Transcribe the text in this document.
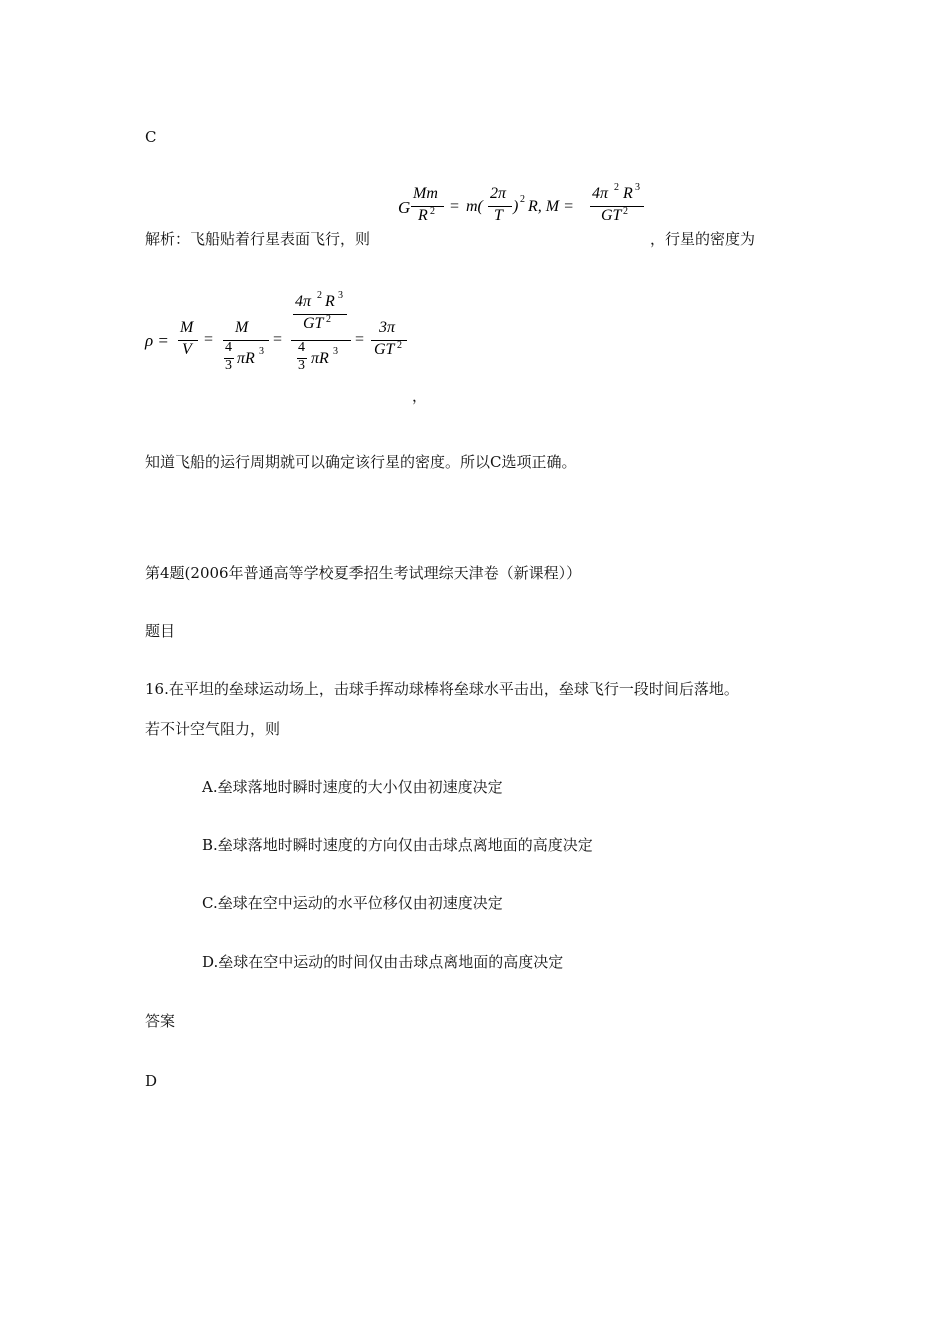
C
解析：飞船贴着行星表面飞行，则
G
Mm
R 2 = m(
2π
T
) 2 R, M =
4π 2 R 3
GT 2
，行星的密度为
ρ =
M
V
=
M
4
3 πR 3
=
4π 2 R 3
GT 2
4
3 πR 3
=
3π
GT 2
，
知道飞船的运行周期就可以确定该行星的密度。所以C选项正确。
第4题(2006年普通高等学校夏季招生考试理综天津卷（新课程））
题目
16.在平坦的垒球运动场上，击球手挥动球棒将垒球水平击出，垒球飞行一段时间后落地。
若不计空气阻力，则
A.垒球落地时瞬时速度的大小仅由初速度决定
B.垒球落地时瞬时速度的方向仅由击球点离地面的高度决定
C.垒球在空中运动的水平位移仅由初速度决定
D.垒球在空中运动的时间仅由击球点离地面的高度决定
答案
D
